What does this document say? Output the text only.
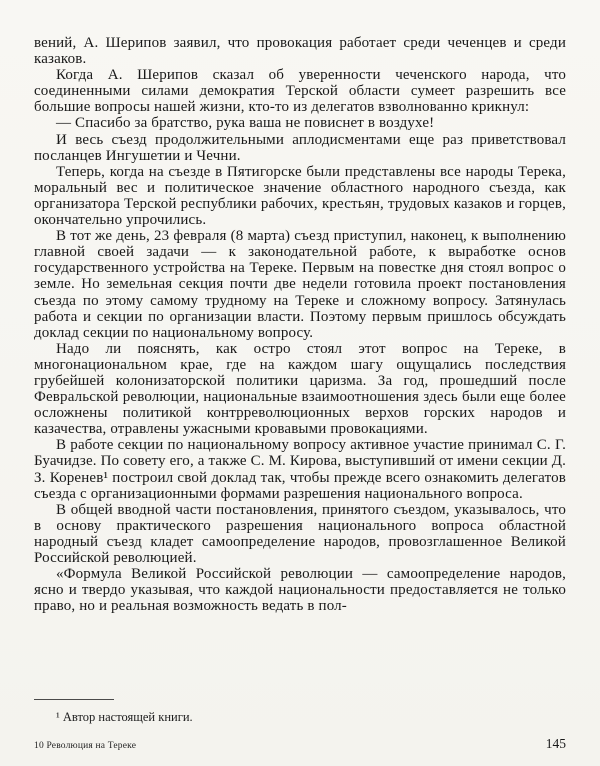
вений, А. Шерипов заявил, что провокация работает среди чеченцев и среди казаков.

Когда А. Шерипов сказал об уверенности чеченского народа, что соединенными силами демократия Терской области сумеет разрешить все большие вопросы нашей жизни, кто-то из делегатов взволнованно крикнул:

— Спасибо за братство, рука ваша не повиснет в воздухе!

И весь съезд продолжительными аплодисментами еще раз приветствовал посланцев Ингушетии и Чечни.

Теперь, когда на съезде в Пятигорске были представлены все народы Терека, моральный вес и политическое значение областного народного съезда, как организатора Терской республики рабочих, крестьян, трудовых казаков и горцев, окончательно упрочились.

В тот же день, 23 февраля (8 марта) съезд приступил, наконец, к выполнению главной своей задачи — к законодательной работе, к выработке основ государственного устройства на Тереке. Первым на повестке дня стоял вопрос о земле. Но земельная секция почти две недели готовила проект постановления съезда по этому самому трудному на Тереке и сложному вопросу. Затянулась работа и секции по организации власти. Поэтому первым пришлось обсуждать доклад секции по национальному вопросу.

Надо ли пояснять, как остро стоял этот вопрос на Тереке, в многонациональном крае, где на каждом шагу ощущались последствия грубейшей колонизаторской политики царизма. За год, прошедший после Февральской революции, национальные взаимоотношения здесь были еще более осложнены политикой контрреволюционных верхов горских народов и казачества, отравлены ужасными кровавыми провокациями.

В работе секции по национальному вопросу активное участие принимал С. Г. Буачидзе. По совету его, а также С. М. Кирова, выступивший от имени секции Д. З. Коренев¹ построил свой доклад так, чтобы прежде всего ознакомить делегатов съезда с организационными формами разрешения национального вопроса.

В общей вводной части постановления, принятого съездом, указывалось, что в основу практического разрешения национального вопроса областной народный съезд кладет самоопределение народов, провозглашенное Великой Российской революцией.

«Формула Великой Российской революции — самоопределение народов, ясно и твердо указывая, что каждой национальности предоставляется не только право, но и реальная возможность ведать в пол-

¹ Автор настоящей книги.

10 Революция на Тереке	145
